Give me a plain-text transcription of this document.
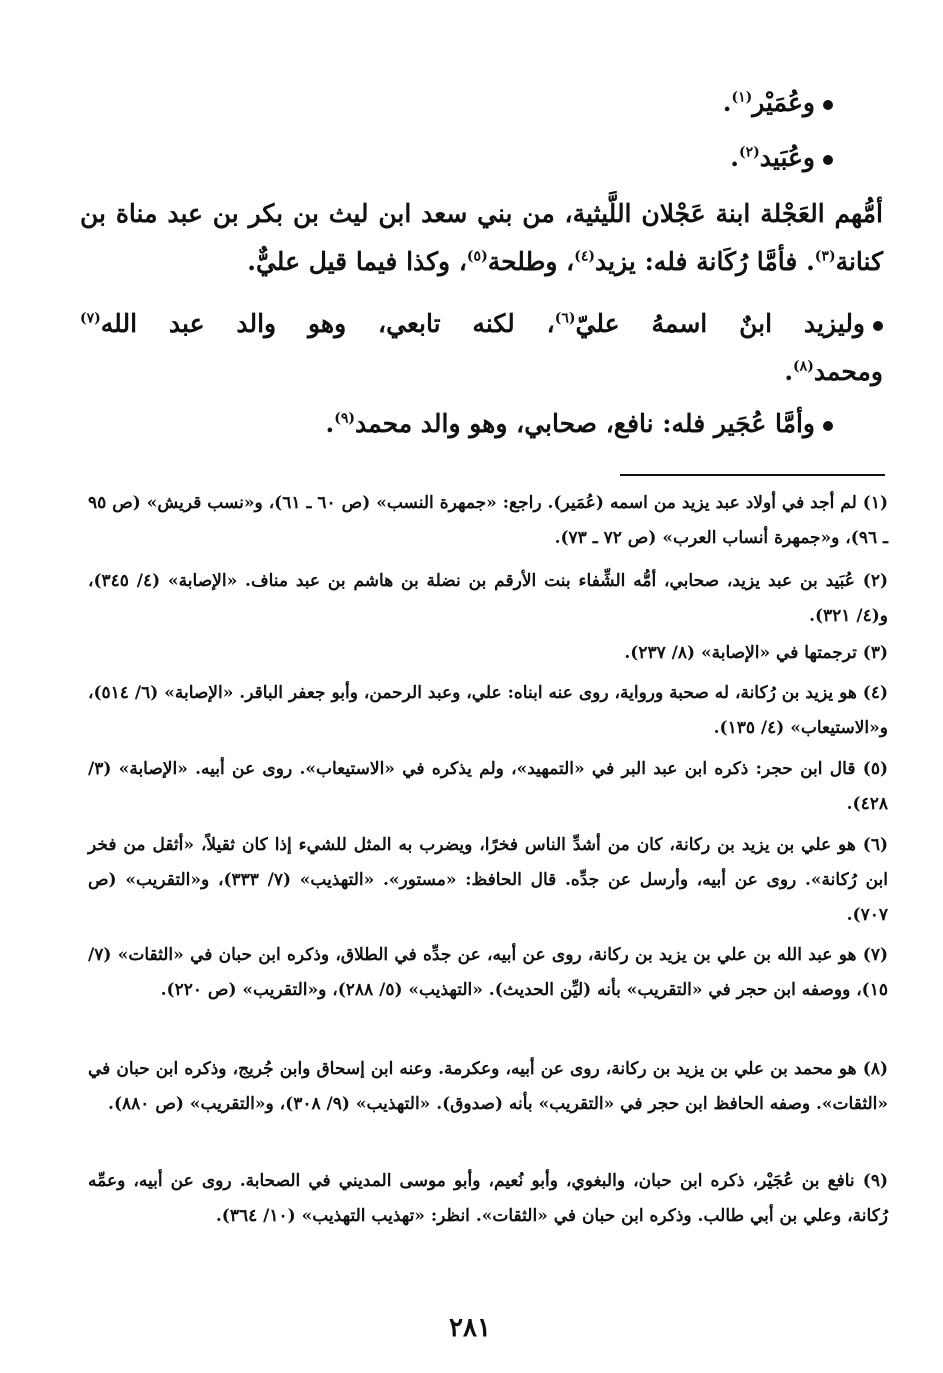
وعُمَيْر$^{(١)}$.
وعُبَيد$^{(٢)}$.
أمُّهم العَجْلة ابنة عَجْلان اللَّيثية، من بني سعد ابن ليث بن بكر بن عبد مناة بن
كنانة$^{(٣)}$. فأمَّا رُكَانة فله: يزيد$^{(٤)}$، وطلحة$^{(٥)}$، وكذا فيما قيل عليٌّ.
وليزيد ابنٌ اسمهُ عليّ$^{(٦)}$، لكنه تابعي، وهو والد عبد الله$^{(٧)}$
ومحمد$^{(٨)}$.
وأمَّا عُجَير فله: نافع، صحابي، وهو والد محمد$^{(٩)}$.
(١) لم أجد في أولاد عبد يزيد من اسمه (عُمَير). راجع: «جمهرة النسب» (ص ٦٠ ـ ٦١)، و«نسب قريش» (ص ٩٥ ـ ٩٦)، و«جمهرة أنساب العرب» (ص ٧٢ ـ ٧٣).
(٢) عُبَيد بن عبد يزيد، صحابي، أمُّه الشِّفاء بنت الأرقم بن نضلة بن هاشم بن عبد مناف. «الإصابة» (٤/ ٣٤٥)، و(٤/ ٣٢١).
(٣) ترجمتها في «الإصابة» (٨/ ٢٣٧).
(٤) هو يزيد بن رُكانة، له صحبة ورواية، روى عنه ابناه: علي، وعبد الرحمن، وأبو جعفر الباقر. «الإصابة» (٦/ ٥١٤)، و«الاستيعاب» (٤/ ١٣٥).
(٥) قال ابن حجر: ذكره ابن عبد البر في «التمهيد»، ولم يذكره في «الاستيعاب». روى عن أبيه. «الإصابة» (٣/ ٤٢٨).
(٦) هو علي بن يزيد بن ركانة، كان من أشدِّ الناس فخرًا، ويضرب به المثل للشيء إذا كان ثقيلاً، «أثقل من فخر ابن رُكانة». روى عن أبيه، وأرسل عن جدِّه. قال الحافظ: «مستور». «التهذيب» (٧/ ٣٣٣)، و«التقريب» (ص ٧٠٧).
(٧) هو عبد الله بن علي بن يزيد بن ركانة، روى عن أبيه، عن جدِّه في الطلاق، وذكره ابن حبان في «الثقات» (٧/ ١٥)، ووصفه ابن حجر في «التقريب» بأنه (ليِّن الحديث). «التهذيب» (٥/ ٢٨٨)، و«التقريب» (ص ٢٢٠).
(٨) هو محمد بن علي بن يزيد بن ركانة، روى عن أبيه، وعكرمة. وعنه ابن إسحاق وابن جُريج، وذكره ابن حبان في «الثقات». وصفه الحافظ ابن حجر في «التقريب» بأنه (صدوق). «التهذيب» (٩/ ٣٠٨)، و«التقريب» (ص ٨٨٠).
(٩) نافع بن عُجَيْر، ذكره ابن حبان، والبغوي، وأبو نُعيم، وأبو موسى المديني في الصحابة. روى عن أبيه، وعمِّه رُكانة، وعلي بن أبي طالب. وذكره ابن حبان في «الثقات». انظر: «تهذيب التهذيب» (١٠/ ٣٦٤).
٢٨١
